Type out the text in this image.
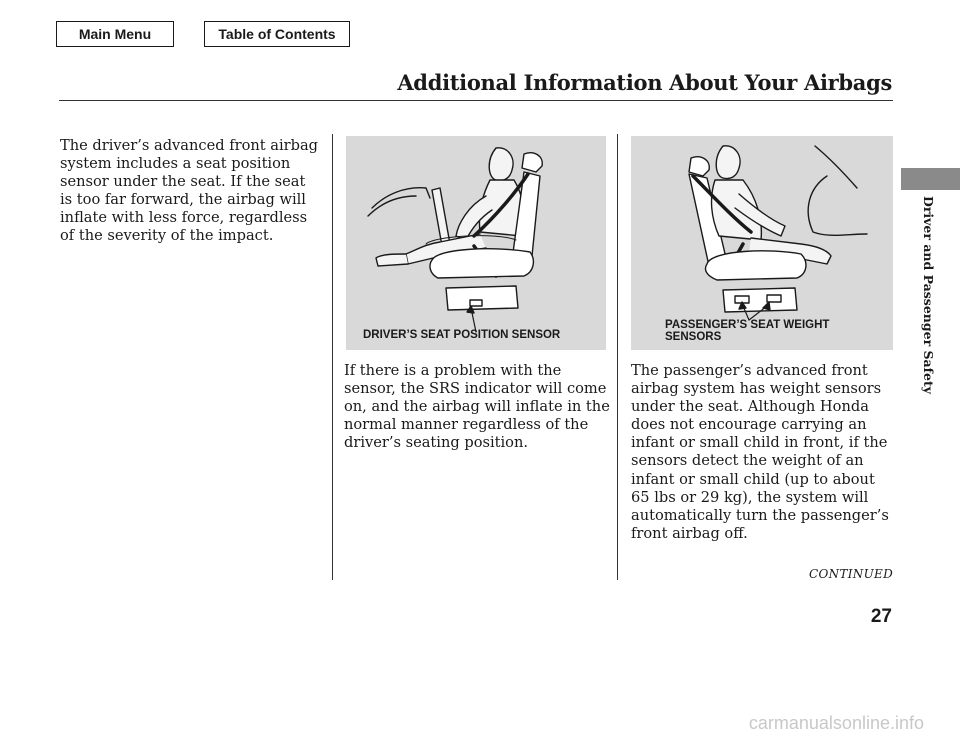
Main Menu	Table of Contents
Additional Information About Your Airbags

The driver’s advanced front airbag system includes a seat position sensor under the seat. If the seat is too far forward, the airbag will inflate with less force, regardless of the severity of the impact.

If there is a problem with the sensor, the SRS indicator will come on, and the airbag will inflate in the normal manner regardless of the driver’s seating position.

The passenger’s advanced front airbag system has weight sensors under the seat. Although Honda does not encourage carrying an infant or small child in front, if the sensors detect the weight of an infant or small child (up to about 65 lbs or 29 kg), the system will automatically turn the passenger’s front airbag off.

DRIVER’S SEAT POSITION SENSOR
PASSENGER’S SEAT WEIGHT SENSORS
CONTINUED
Driver and Passenger Safety
27
carmanualsonline.info
